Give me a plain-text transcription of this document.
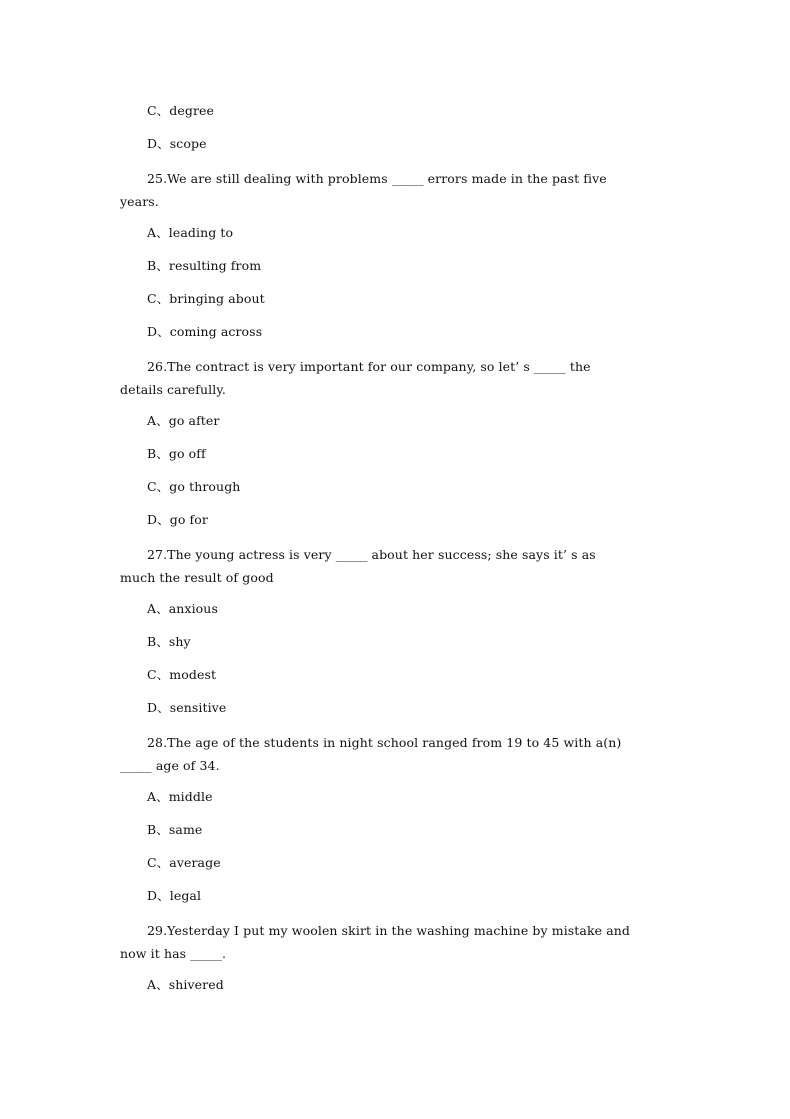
C、degree
D、scope
25.We are still dealing with problems _____ errors made in the past five
years.
A、leading to
B、resulting from
C、bringing about
D、coming across
26.The contract is very important for our company, so let’ s _____ the
details carefully.
A、go after
B、go off
C、go through
D、go for
27.The young actress is very _____ about her success; she says it’ s as
much the result of good
A、anxious
B、shy
C、modest
D、sensitive
28.The age of the students in night school ranged from 19 to 45 with a(n)
_____ age of 34.
A、middle
B、same
C、average
D、legal
29.Yesterday I put my woolen skirt in the washing machine by mistake and
now it has _____.
A、shivered
